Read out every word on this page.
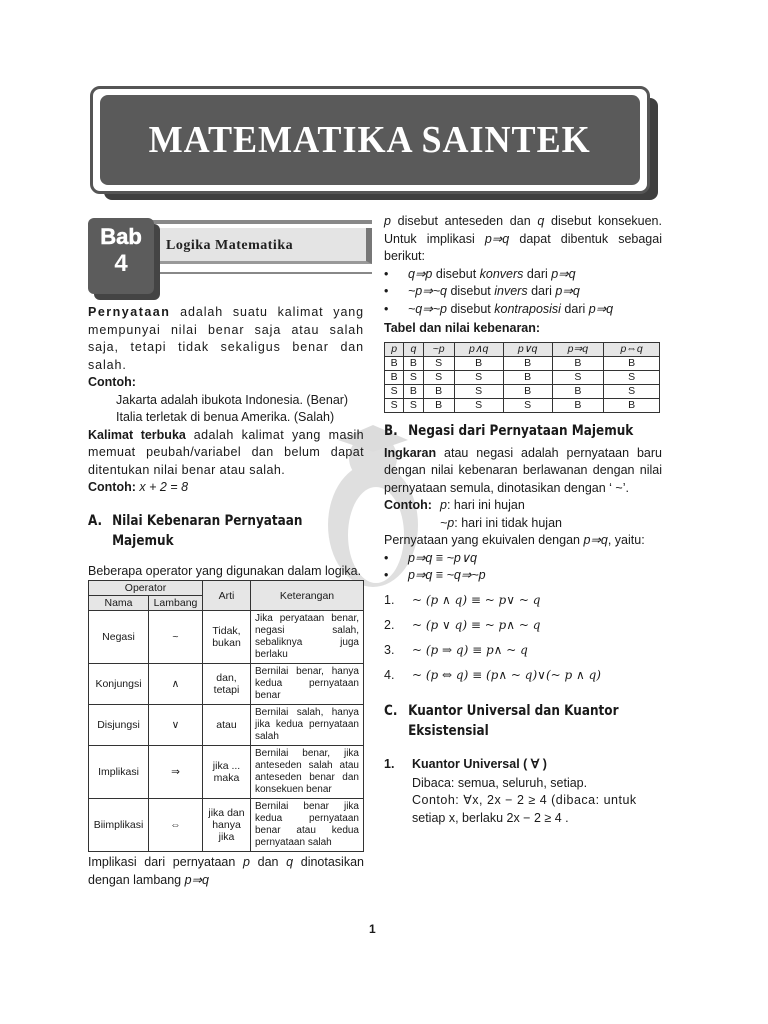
MATEMATIKA SAINTEK
Logika Matematika
Bab
4

Pernyataan adalah suatu kalimat yang mempunyai nilai benar saja atau salah saja, tetapi tidak sekaligus benar dan salah.

Contoh:

Jakarta adalah ibukota Indonesia. (Benar)

Italia terletak di benua Amerika. (Salah)

Kalimat terbuka adalah kalimat yang masih memuat peubah/variabel dan belum dapat ditentukan nilai benar atau salah.

Contoh: x + 2 = 8

A. Nilai Kebenaran Pernyataan
Majemuk

Beberapa operator yang digunakan dalam logika.

Operator		Arti	Keterangan
Nama	Lambang		
Negasi	~	Tidak, bukan	Jika peryataan benar, negasi salah, sebaliknya juga berlaku
Konjungsi	∧	dan, tetapi	Bernilai benar, hanya kedua pernyataan benar
Disjungsi	∨	atau	Bernilai salah, hanya jika kedua pernyataan salah
Implikasi	⇒	jika ... maka	Bernilai benar, jika anteseden salah atau anteseden benar dan konsekuen benar
Biimplikasi	⇔	jika dan hanya jika	Bernilai benar jika kedua pernyataan benar atau kedua pernyataan salah

Implikasi dari pernyataan p dan q dinotasikan dengan lambang p⇒q

p disebut anteseden dan q disebut konsekuen. Untuk implikasi p⇒q dapat dibentuk sebagai berikut:

•	q⇒p disebut konvers dari p⇒q
•	~p⇒~q disebut invers dari p⇒q
•	~q⇒~p disebut kontraposisi dari p⇒q

Tabel dan nilai kebenaran:

p	q	~p	p∧q	p∨q	p⇒q	p⇔q
B	B	S	B	B	B	B
B	S	S	S	B	S	S
S	B	B	S	B	B	S
S	S	B	S	S	B	B
B. Negasi dari Pernyataan Majemuk

Ingkaran atau negasi adalah pernyataan baru dengan nilai kebenaran berlawanan dengan nilai pernyataan semula, dinotasikan dengan ‘ ~’.

Contoh: p: hari ini hujan

~p: hari ini tidak hujan

Pernyataan yang ekuivalen dengan p⇒q, yaitu:

•	p⇒q ≡ ~p∨q
•	p⇒q ≡ ~q⇒~p
1.	~ (p ∧ q) ≡ ~ p∨ ~ q
2.	~ (p ∨ q) ≡ ~ p∧ ~ q
3.	~ (p ⇒ q) ≡ p∧ ~ q
4.	~ (p ⇔ q) ≡ (p∧ ~ q)∨(~ p ∧ q)
C. Kuantor Universal dan Kuantor
Eksistensial
1.	Kuantor Universal ( ∀ )

Dibaca: semua, seluruh, setiap.

Contoh: ∀x, 2x − 2 ≥ 4 (dibaca: untuk

setiap x, berlaku 2x − 2 ≥ 4 .

1
